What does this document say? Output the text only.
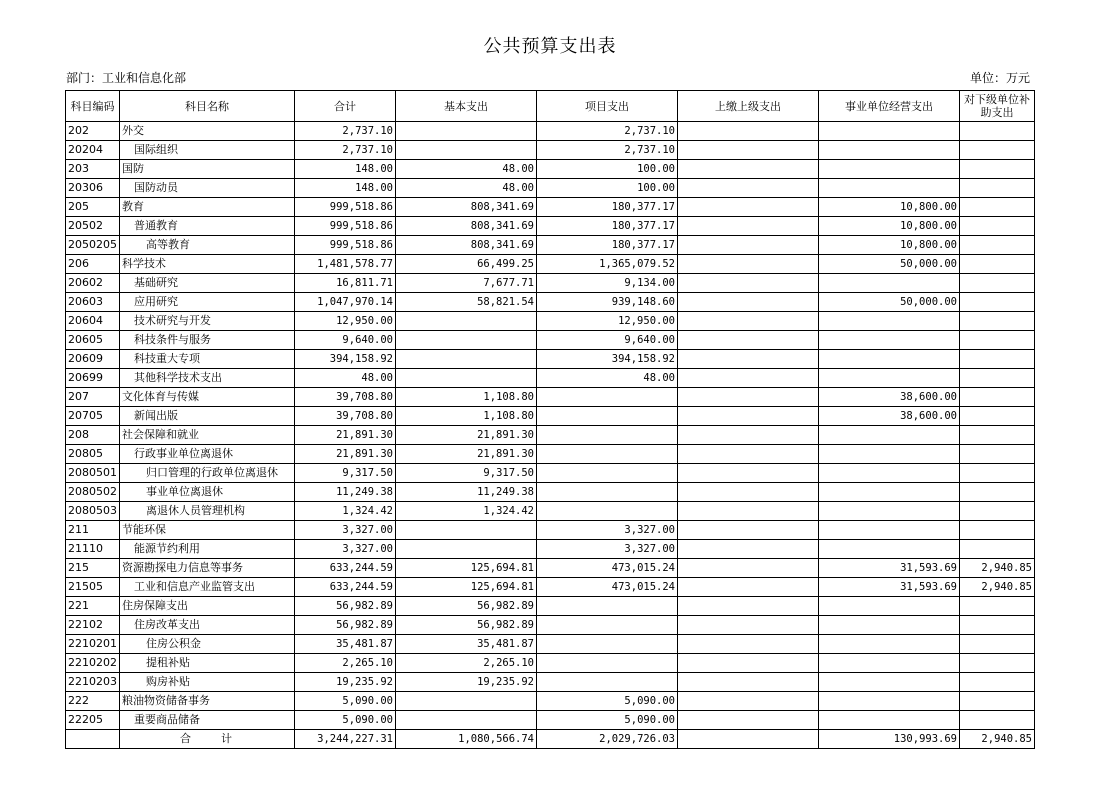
公共预算支出表
部门：工业和信息化部	单位：万元
科目编码	科目名称	合计	基本支出	项目支出	上缴上级支出	事业单位经营支出	对下级单位补助支出
202	外交	2,737.10		2,737.10			
20204	国际组织	2,737.10		2,737.10			
203	国防	148.00	48.00	100.00			
20306	国防动员	148.00	48.00	100.00			
205	教育	999,518.86	808,341.69	180,377.17		10,800.00	
20502	普通教育	999,518.86	808,341.69	180,377.17		10,800.00	
2050205	高等教育	999,518.86	808,341.69	180,377.17		10,800.00	
206	科学技术	1,481,578.77	66,499.25	1,365,079.52		50,000.00	
20602	基础研究	16,811.71	7,677.71	9,134.00			
20603	应用研究	1,047,970.14	58,821.54	939,148.60		50,000.00	
20604	技术研究与开发	12,950.00		12,950.00			
20605	科技条件与服务	9,640.00		9,640.00			
20609	科技重大专项	394,158.92		394,158.92			
20699	其他科学技术支出	48.00		48.00			
207	文化体育与传媒	39,708.80	1,108.80			38,600.00	
20705	新闻出版	39,708.80	1,108.80			38,600.00	
208	社会保障和就业	21,891.30	21,891.30				
20805	行政事业单位离退休	21,891.30	21,891.30				
2080501	归口管理的行政单位离退休	9,317.50	9,317.50				
2080502	事业单位离退休	11,249.38	11,249.38				
2080503	离退休人员管理机构	1,324.42	1,324.42				
211	节能环保	3,327.00		3,327.00			
21110	能源节约利用	3,327.00		3,327.00			
215	资源勘探电力信息等事务	633,244.59	125,694.81	473,015.24		31,593.69	2,940.85
21505	工业和信息产业监管支出	633,244.59	125,694.81	473,015.24		31,593.69	2,940.85
221	住房保障支出	56,982.89	56,982.89				
22102	住房改革支出	56,982.89	56,982.89				
2210201	住房公积金	35,481.87	35,481.87				
2210202	提租补贴	2,265.10	2,265.10				
2210203	购房补贴	19,235.92	19,235.92				
222	粮油物资储备事务	5,090.00		5,090.00			
22205	重要商品储备	5,090.00		5,090.00			
	合计	3,244,227.31	1,080,566.74	2,029,726.03		130,993.69	2,940.85
